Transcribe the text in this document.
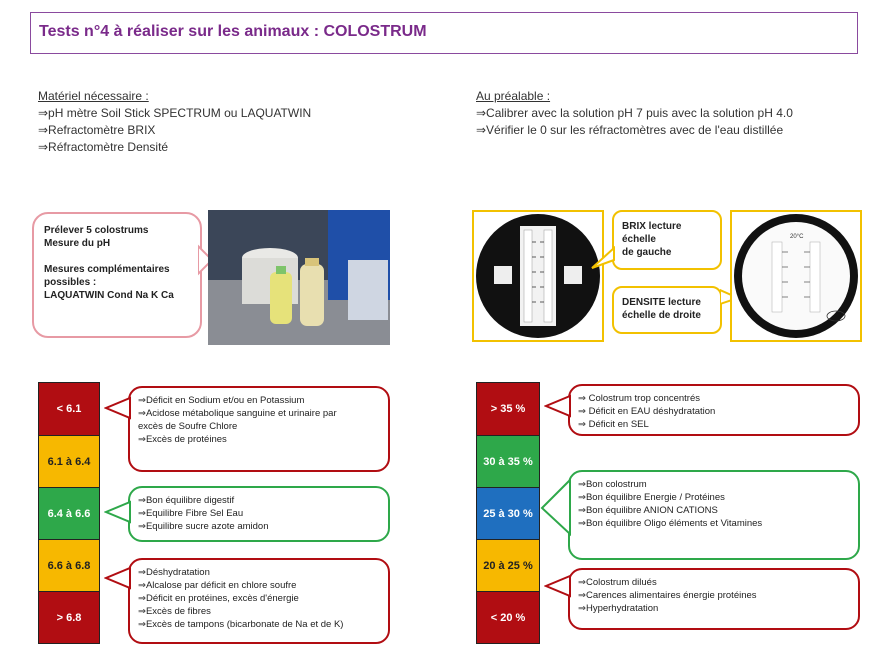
Tests n°4 à réaliser sur les animaux : COLOSTRUM
Matériel nécessaire :
⇒pH mètre Soil Stick SPECTRUM ou LAQUATWIN
⇒Refractomètre BRIX
⇒Réfractomètre Densité
Au préalable :
⇒Calibrer avec la solution pH 7 puis avec la solution pH 4.0
⇒Vérifier le 0 sur les réfractomètres avec de l'eau distillée
Prélever 5 colostrums
Mesure du pH
Mesures complémentaires
possibles :
LAQUATWIN Cond Na K Ca
BRIX lecture échelle
de gauche
DENSITE lecture
échelle de droite
20°C
< 6.1
6.1 à 6.4
6.4 à 6.6
6.6 à 6.8
> 6.8
⇒Déficit en Sodium et/ou en Potassium
⇒Acidose métabolique sanguine et urinaire par
excès de Soufre Chlore
⇒Excès de protéines
⇒Bon équilibre digestif
⇒Equilibre Fibre Sel Eau
⇒Equilibre sucre azote amidon
⇒Déshydratation
⇒Alcalose par déficit en chlore soufre
⇒Déficit en protéines, excès d'énergie
⇒Excès de fibres
⇒Excès de tampons (bicarbonate de Na et de K)
> 35 %
30 à 35 %
25 à 30 %
20 à 25 %
< 20 %
⇒ Colostrum trop concentrés
⇒ Déficit en EAU déshydratation
⇒ Déficit en SEL
⇒Bon colostrum
⇒Bon équilibre Energie / Protéines
⇒Bon équilibre ANION CATIONS
⇒Bon équilibre Oligo éléments et Vitamines
⇒Colostrum dilués
⇒Carences alimentaires énergie protéines
⇒Hyperhydratation
